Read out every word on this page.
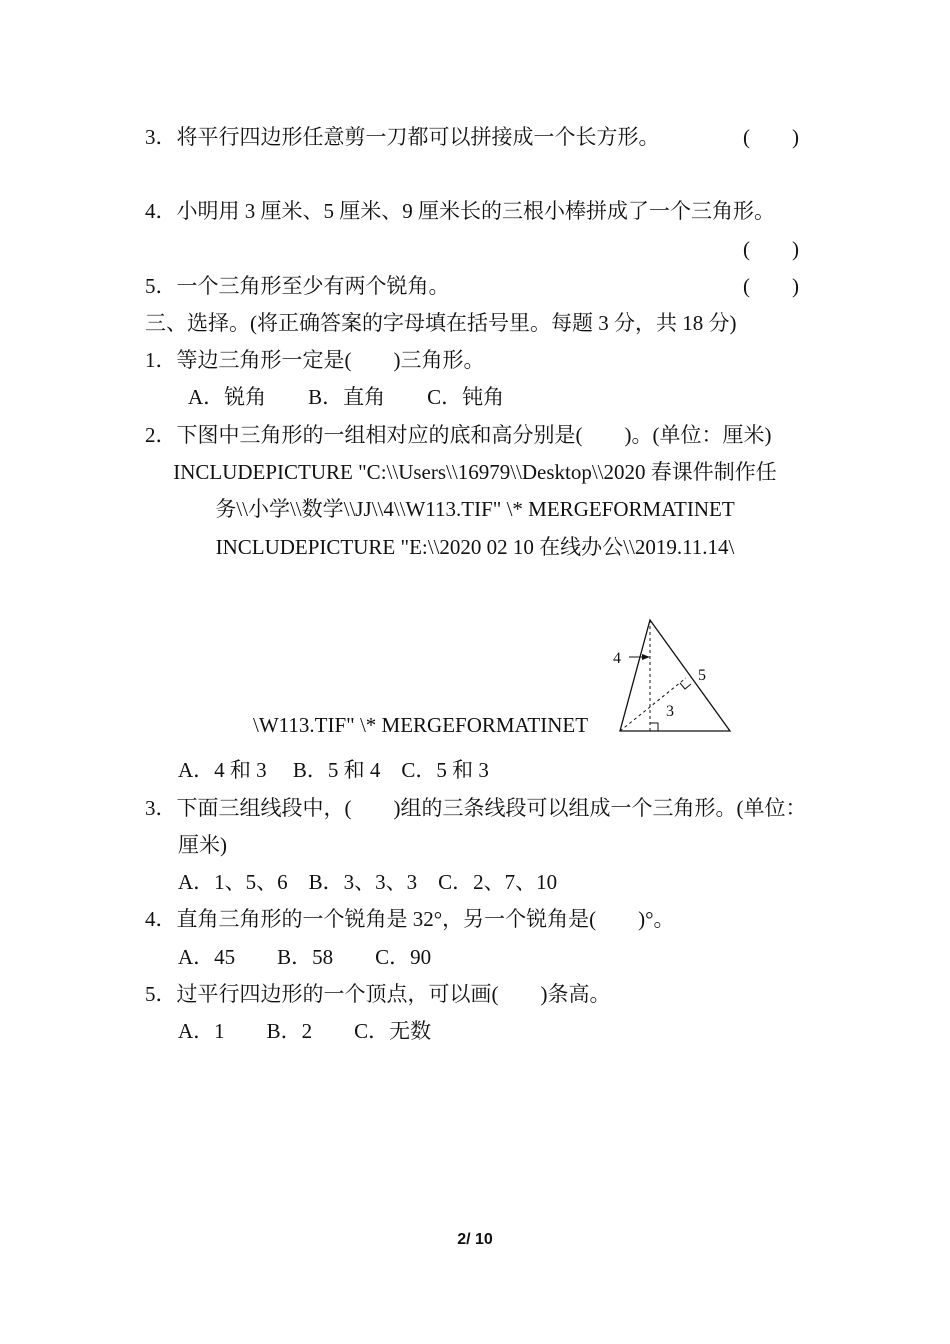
3．将平行四边形任意剪一刀都可以拼接成一个长方形。	(　　)
4．小明用 3 厘米、5 厘米、9 厘米长的三根小棒拼成了一个三角形。
(　　)
5．一个三角形至少有两个锐角。	(　　)
三、选择。(将正确答案的字母填在括号里。每题 3 分，共 18 分)
1．等边三角形一定是(　　)三角形。
A．锐角　　B．直角　　C．钝角
2．下图中三角形的一组相对应的底和高分别是(　　)。(单位：厘米)
INCLUDEPICTURE "C:\\Users\\16979\\Desktop\\2020 春课件制作任
务\\小学\\数学\\JJ\\4\\W113.TIF" \* MERGEFORMATINET
INCLUDEPICTURE "E:\\2020 02 10 在线办公\\2019.11.14\
\W113.TIF" \* MERGEFORMATINET
4
5
3
A．4 和 3　 B．5 和 4　C．5 和 3
3．下面三组线段中，(　　)组的三条线段可以组成一个三角形。(单位：
厘米)
A．1、5、6　B．3、3、3　C．2、7、10
4．直角三角形的一个锐角是 32°，另一个锐角是(　　)°。
A．45　　B．58　　C．90
5．过平行四边形的一个顶点，可以画(　　)条高。
A．1　　B．2　　C．无数
2/ 10
